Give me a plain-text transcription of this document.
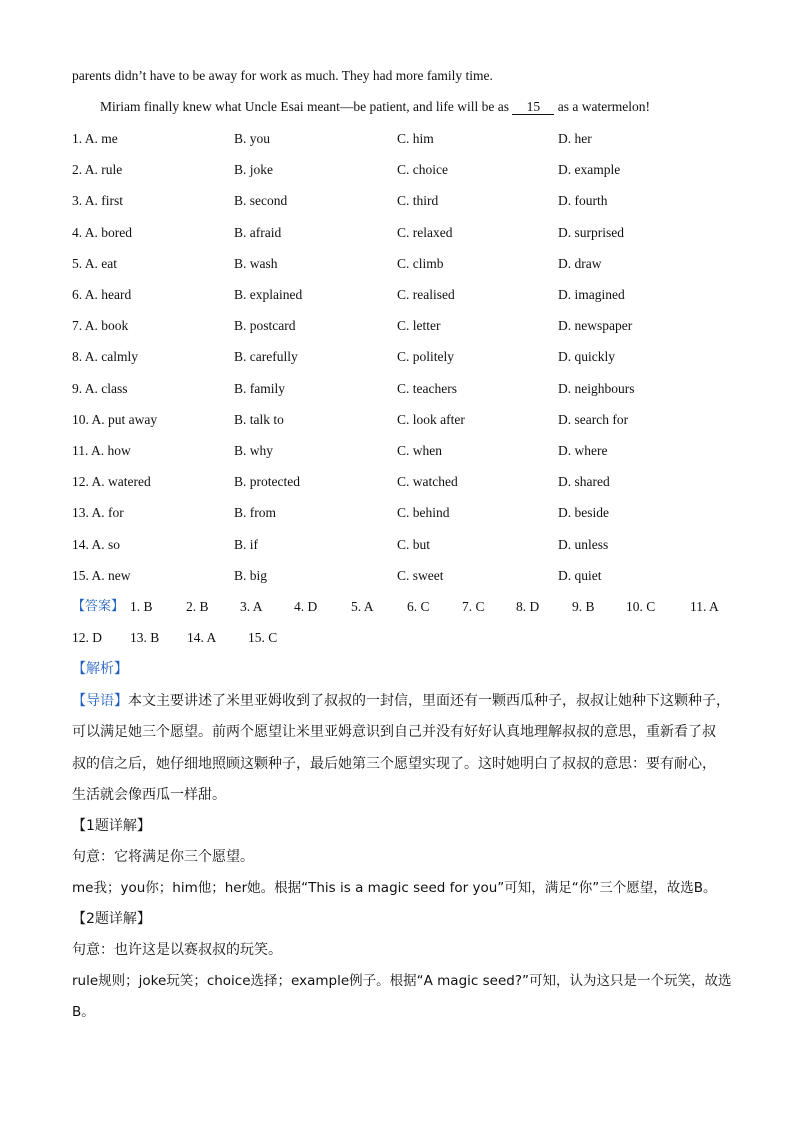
parents didn’t have to be away for work as much. They had more family time.
Miriam finally knew what Uncle Esai meant—be patient, and life will be as 15 as a watermelon!
1. A. me	B. you	C. him	D. her
2. A. rule	B. joke	C. choice	D. example
3. A. first	B. second	C. third	D. fourth
4. A. bored	B. afraid	C. relaxed	D. surprised
5. A. eat	B. wash	C. climb	D. draw
6. A. heard	B. explained	C. realised	D. imagined
7. A. book	B. postcard	C. letter	D. newspaper
8. A. calmly	B. carefully	C. politely	D. quickly
9. A. class	B. family	C. teachers	D. neighbours
10. A. put away	B. talk to	C. look after	D. search for
11. A. how	B. why	C. when	D. where
12. A. watered	B. protected	C. watched	D. shared
13. A. for	B. from	C. behind	D. beside
14. A. so	B. if	C. but	D. unless
15. A. new	B. big	C. sweet	D. quiet
【答案】 1. B 2. B 3. A 4. D	5. A 6. C 7. C 8. D 9. B 10. C	11. A
12. D 13. B 14. A 15. C
【解析】
【导语】本文主要讲述了米里亚姆收到了叔叔的一封信，里面还有一颗西瓜种子，叔叔让她种下这颗种子，
可以满足她三个愿望。前两个愿望让米里亚姆意识到自己并没有好好认真地理解叔叔的意思，重新看了叔
叔的信之后，她仔细地照顾这颗种子，最后她第三个愿望实现了。这时她明白了叔叔的意思：要有耐心，
生活就会像西瓜一样甜。
【1题详解】
句意：它将满足你三个愿望。
me我；you你；him他；her她。根据“This is a magic seed for you”可知，满足“你”三个愿望，故选B。
【2题详解】
句意：也许这是以赛叔叔的玩笑。
rule规则；joke玩笑；choice选择；example例子。根据“A magic seed?”可知，认为这只是一个玩笑，故选
B。
